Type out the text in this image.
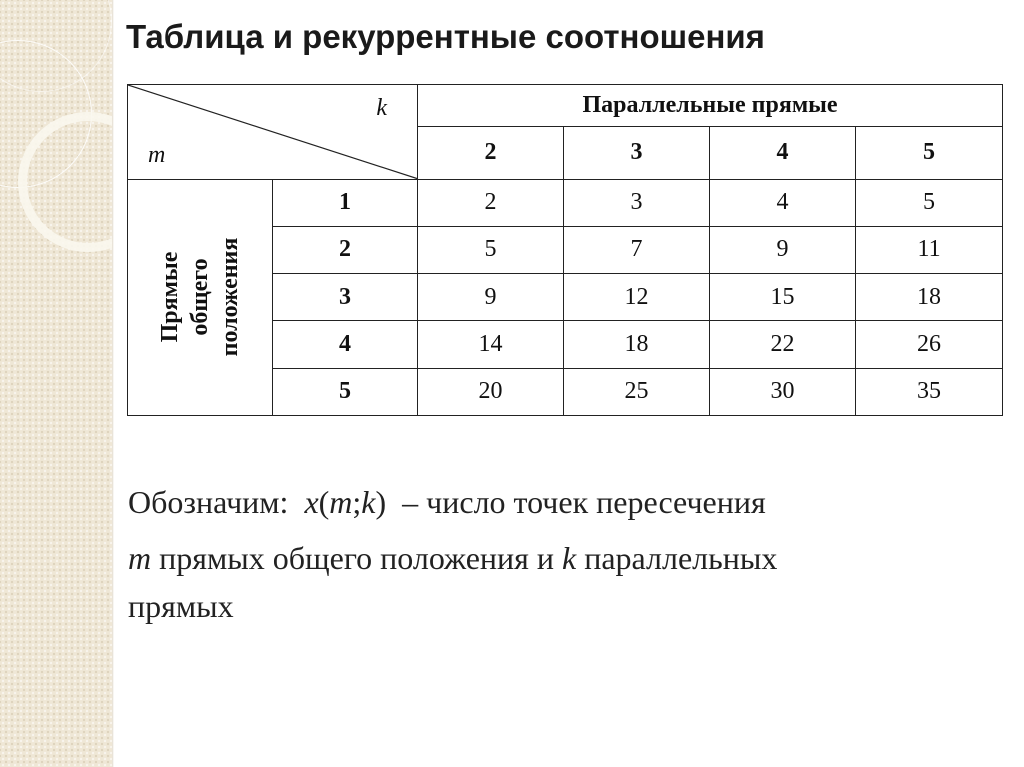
Таблица и рекуррентные соотношения
k
m		Параллельные прямые			
		2	3	4	5

Прямые общего положения	1	2	3	4	5
	2	5	7	9	11
	3	9	12	15	18
	4	14	18	22	26
	5	20	25	30	35
Обозначим: x(m;k) – число точек пересечения
m прямых общего положения и k параллельных
прямых
